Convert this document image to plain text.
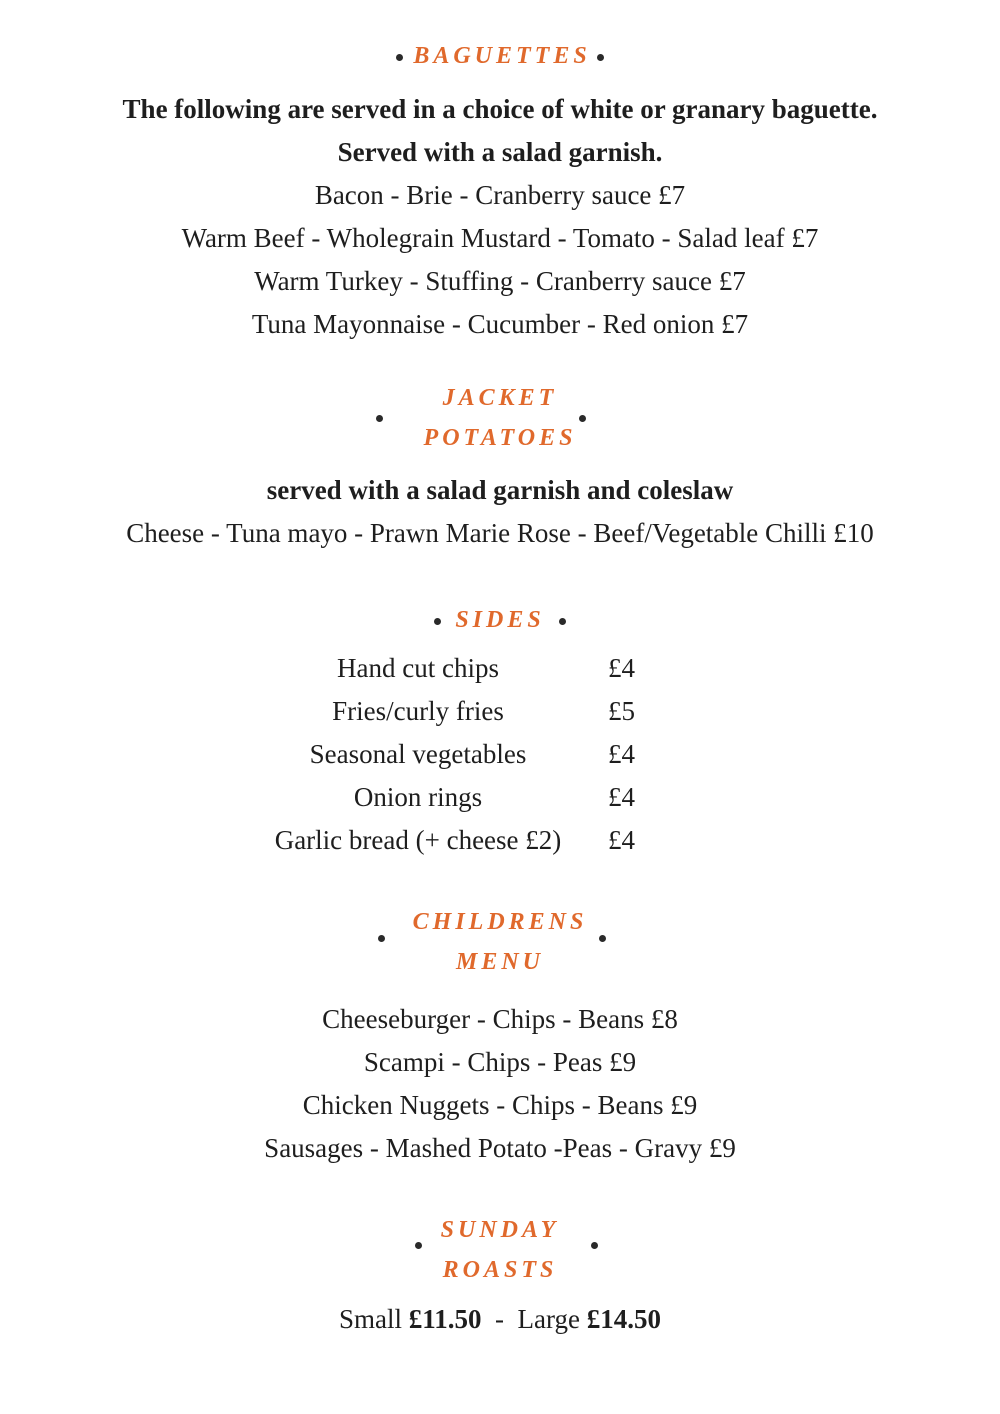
BAGUETTES
The following are served in a choice of white or granary baguette.
Served with a salad garnish.
Bacon - Brie - Cranberry sauce £7
Warm Beef - Wholegrain Mustard - Tomato - Salad leaf £7
Warm Turkey - Stuffing - Cranberry sauce £7
Tuna Mayonnaise - Cucumber - Red onion £7
JACKET
POTATOES
served with a salad garnish and coleslaw
Cheese - Tuna mayo - Prawn Marie Rose - Beef/Vegetable Chilli £10
SIDES
Hand cut chips	£4
Fries/curly fries	£5
Seasonal vegetables	£4
Onion rings	£4
Garlic bread (+ cheese £2)	£4
CHILDRENS
MENU
Cheeseburger - Chips - Beans £8
Scampi - Chips - Peas £9
Chicken Nuggets - Chips - Beans £9
Sausages - Mashed Potato -Peas - Gravy £9
SUNDAY
ROASTS
Small £11.50 - Large £14.50
